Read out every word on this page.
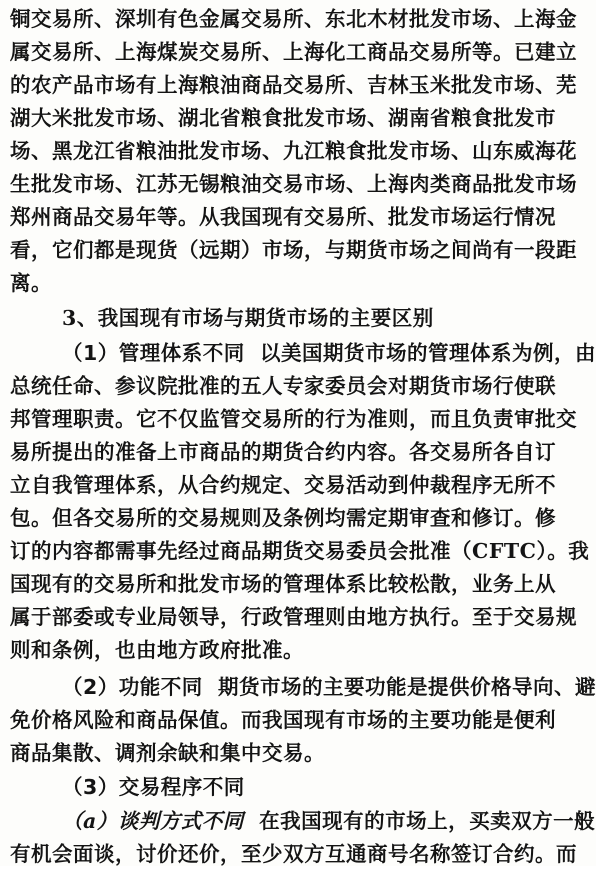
铜交易所、深圳有色金属交易所、东北木材批发市场、上海金
属交易所、上海煤炭交易所、上海化工商品交易所等。已建立
的农产品市场有上海粮油商品交易所、吉林玉米批发市场、芜
湖大米批发市场、湖北省粮食批发市场、湖南省粮食批发市
场、黑龙江省粮油批发市场、九江粮食批发市场、山东威海花
生批发市场、江苏无锡粮油交易市场、上海肉类商品批发市场
郑州商品交易年等。从我国现有交易所、批发市场运行情况
看，它们都是现货（远期）市场，与期货市场之间尚有一段距
离。
3、我国现有市场与期货市场的主要区别
（1）管理体系不同 以美国期货市场的管理体系为例，由
总统任命、参议院批准的五人专家委员会对期货市场行使联
邦管理职责。它不仅监管交易所的行为准则，而且负责审批交
易所提出的准备上市商品的期货合约内容。各交易所各自订
立自我管理体系，从合约规定、交易活动到仲裁程序无所不
包。但各交易所的交易规则及条例均需定期审查和修订。修
订的内容都需事先经过商品期货交易委员会批准（CFTC）。我
国现有的交易所和批发市场的管理体系比较松散，业务上从
属于部委或专业局领导，行政管理则由地方执行。至于交易规
则和条例，也由地方政府批准。
（2）功能不同 期货市场的主要功能是提供价格导向、避
免价格风险和商品保值。而我国现有市场的主要功能是便利
商品集散、调剂余缺和集中交易。
（3）交易程序不同
（a）谈判方式不同 在我国现有的市场上，买卖双方一般
有机会面谈，讨价还价，至少双方互通商号名称签订合约。而
